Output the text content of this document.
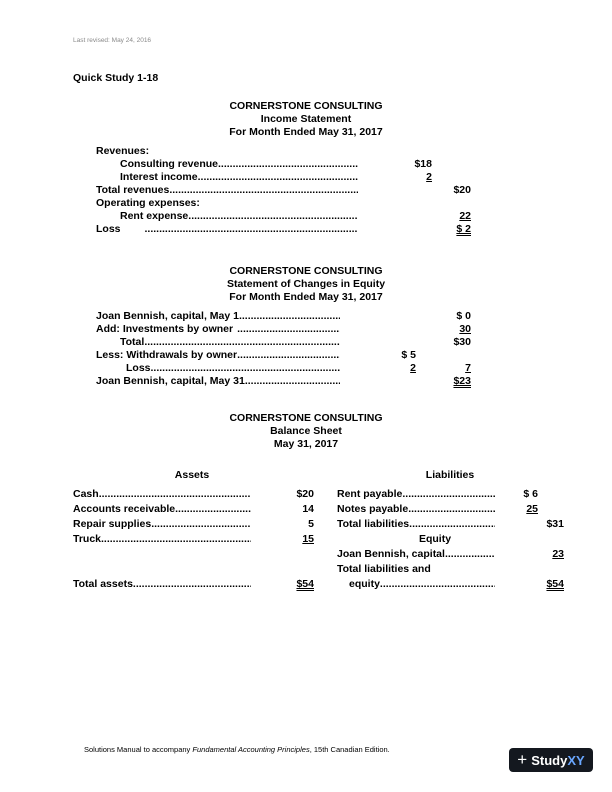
Last revised: May 24, 2016
Quick Study 1-18
CORNERSTONE CONSULTING
Income Statement
For Month Ended May 31, 2017
Revenues:
Consulting revenue .....	$18
Interest income .....	2
Total revenues .....	$20
Operating expenses:
Rent expense .....	22
Loss .....	$ 2
CORNERSTONE CONSULTING
Statement of Changes in Equity
For Month Ended May 31, 2017
Joan Bennish, capital, May 1 .....	$ 0
Add: Investments by owner .....	30
Total .....	$30
Less: Withdrawals by owner .....	$ 5
Loss .....	2	7
Joan Bennish, capital, May 31 .....	$23
CORNERSTONE CONSULTING
Balance Sheet
May 31, 2017
Assets	Liabilities
Cash .....	$20
Accounts receivable .....	14
Repair supplies .....	5
Truck .....	15
Total assets .....	$54
Rent payable .....	$ 6
Notes payable .....	25
Total liabilities .....	$31
Equity
Joan Bennish, capital .....	23
Total liabilities and
equity .....	$54
Solutions Manual to accompany Fundamental Accounting Principles, 15th Canadian Edition.
+ Study XY
